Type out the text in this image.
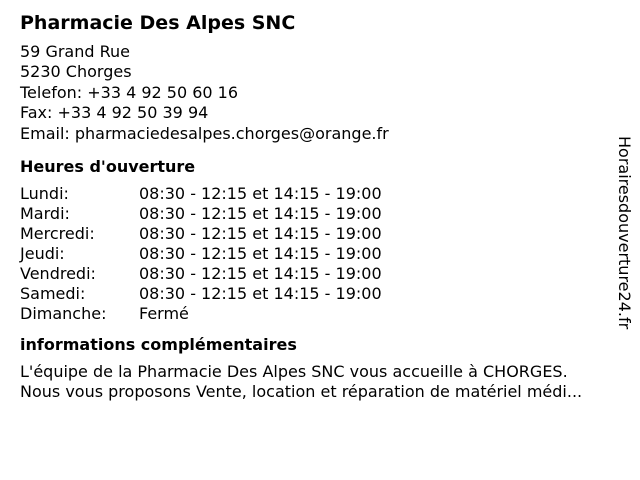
Pharmacie Des Alpes SNC
59 Grand Rue
5230 Chorges
Telefon: +33 4 92 50 60 16
Fax: +33 4 92 50 39 94
Email: pharmaciedesalpes.chorges@orange.fr
Heures d'ouverture
Lundi:	08:30 - 12:15 et 14:15 - 19:00
Mardi:	08:30 - 12:15 et 14:15 - 19:00
Mercredi:	08:30 - 12:15 et 14:15 - 19:00
Jeudi:	08:30 - 12:15 et 14:15 - 19:00
Vendredi:	08:30 - 12:15 et 14:15 - 19:00
Samedi:	08:30 - 12:15 et 14:15 - 19:00
Dimanche:	Fermé
informations complémentaires
L'équipe de la Pharmacie Des Alpes SNC vous accueille à CHORGES.
Nous vous proposons Vente, location et réparation de matériel médi...
Horairesdouverture24.fr
